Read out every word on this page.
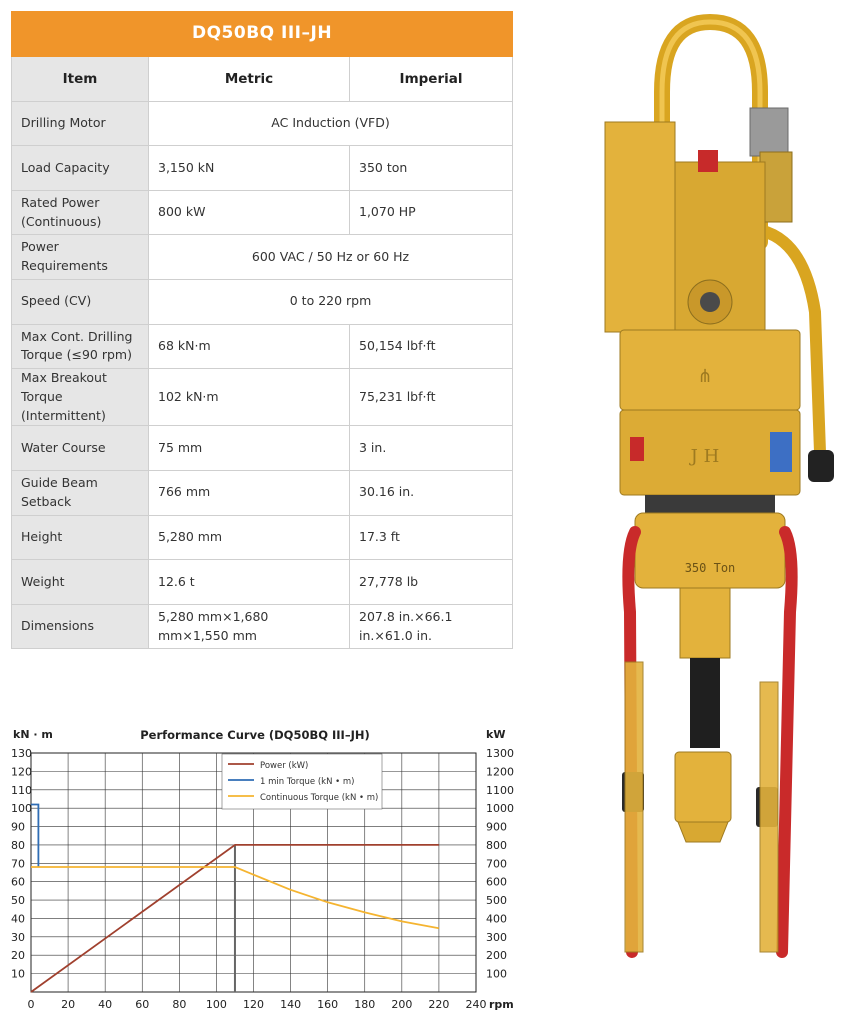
DQ50BQ III–JH		
Item	Metric	Imperial
Drilling Motor	AC Induction (VFD)	
Load Capacity	3,150 kN	350 ton
Rated Power (Continuous)	800 kW	1,070 HP
Power Requirements	600 VAC / 50 Hz or 60 Hz	
Speed (CV)	0 to 220 rpm	
Max Cont. Drilling Torque (≤90 rpm)	68 kN·m	50,154 lbf·ft
Max Breakout Torque (Intermittent)	102 kN·m	75,231 lbf·ft
Water Course	75 mm	3 in.
Guide Beam Setback	766 mm	30.16 in.
Height	5,280 mm	17.3 ft
Weight	12.6 t	27,778 lb
Dimensions	5,280 mm×1,680 mm×1,550 mm	207.8 in.×66.1 in.×61.0 in.
0 20 40 60 80 100 120 140 160 180 200 220 240
10
20
30
40
50
60
70
80
90
100
110
120
130
100
200
300
400
500
600
700
800
900
1000
1100
1200
1300
kN · m	kW
rpm
Performance Curve (DQ50BQ III–JH)
Power (kW)
1 min Torque (kN • m)
Continuous Torque (kN • m)
⋔
J H
350 Ton
